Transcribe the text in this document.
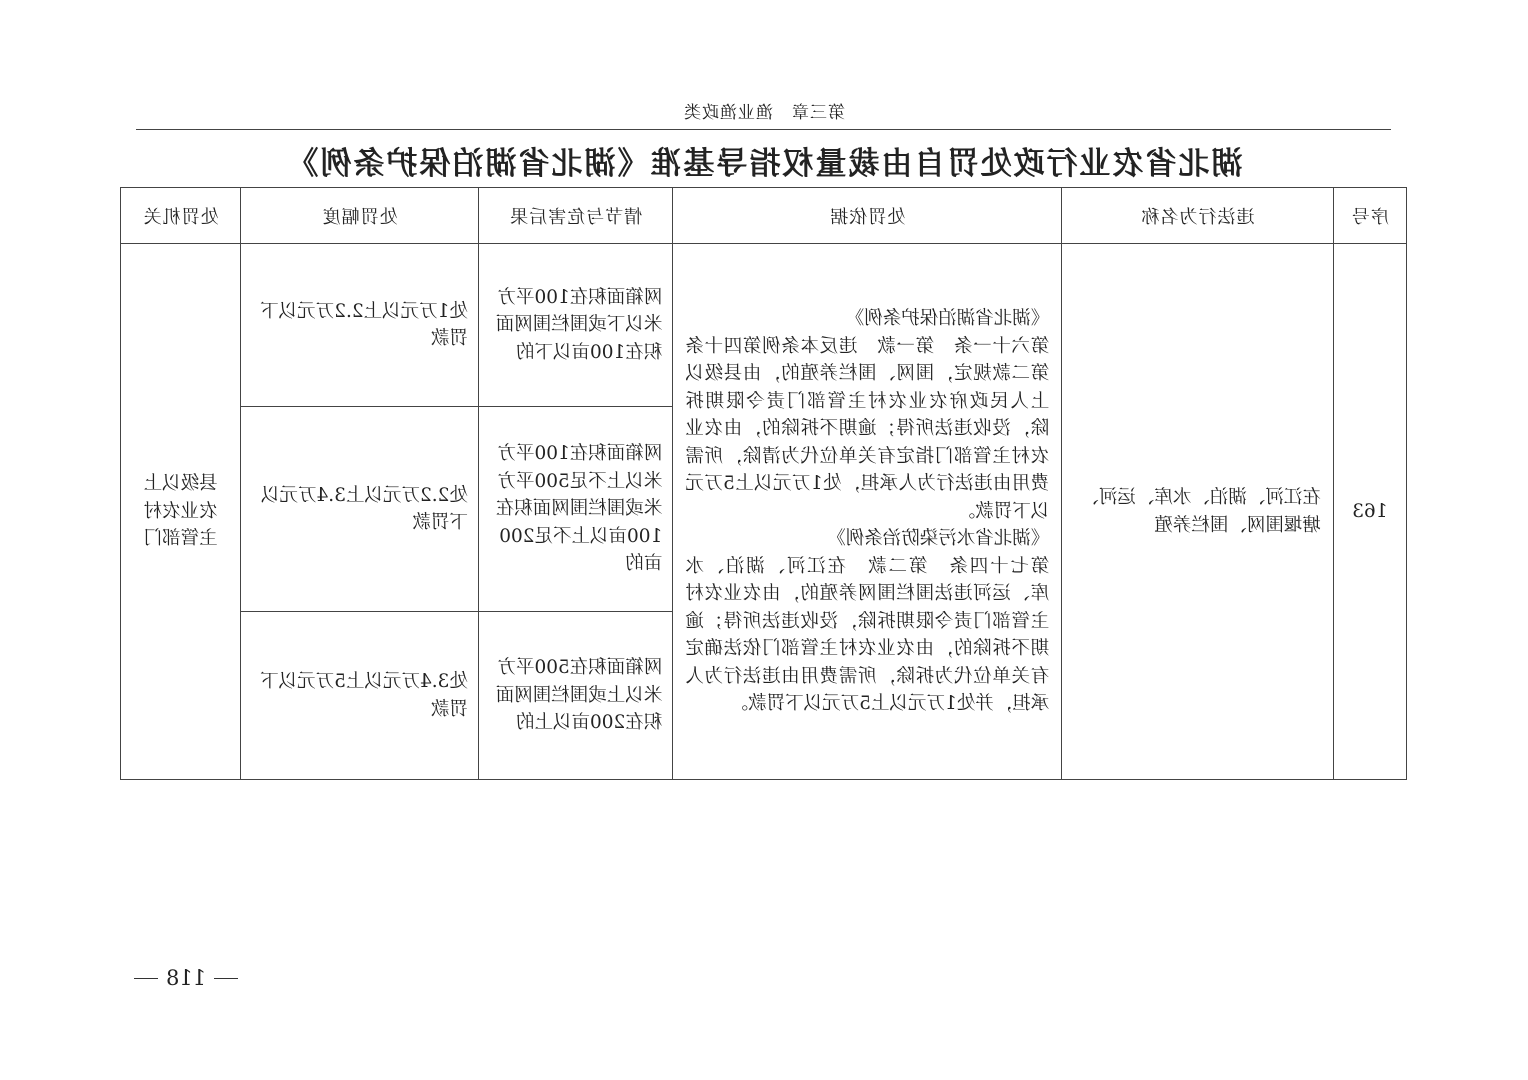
第三章　渔业渔政类
湖北省农业行政处罚自由裁量权指导基准《湖北省湖泊保护条例》
序号	违法行为名称	处罚依据	情节与危害后果	处罚幅度	处罚机关
163	在江河、湖泊、水库、运河、塘堰围网、围栏养殖	《湖北省湖泊保护条例》
第六十一条　第一款　违反本条例第四十条第二款规定，围网、围栏养殖的，由县级以上人民政府农业农村主管部门责令限期拆除，没收违法所得；逾期不拆除的，由农业农村主管部门指定有关单位代为清除，所需费用由违法行为人承担，处1万元以上5万元以下罚款。
《湖北省水污染防治条例》
第七十四条　第二款　在江河、湖泊、水库、运河违法围栏围网养殖的，由农业农村主管部门责令限期拆除，没收违法所得；逾期不拆除的，由农业农村主管部门依法确定有关单位代为拆除，所需费用由违法行为人承担，并处1万元以上5万元以下罚款。	网箱面积在100平方米以下或围栏围网面积在100亩以下的	处1万元以上2.2万元以下罚款	县级以上农业农村主管部门
			网箱面积在100平方米以上不足500平方米或围栏围网面积在100亩以上不足200亩的	处2.2万元以上3.4万元以下罚款	
			网箱面积在500平方米以上或围栏围网面积在200亩以上的	处3.4万元以上5万元以下罚款	
118
